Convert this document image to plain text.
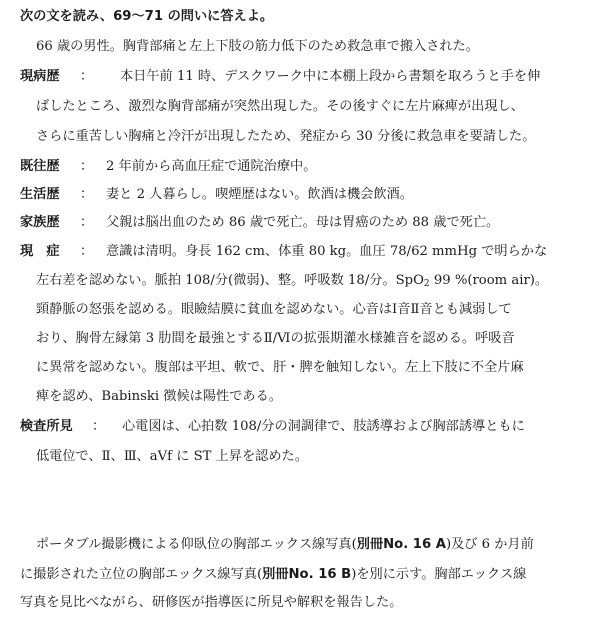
次の文を読み、69〜71 の問いに答えよ。
66 歳の男性。胸背部痛と左上下肢の筋力低下のため救急車で搬入された。
現病歴 ： 本日午前 11 時、デスクワーク中に本棚上段から書類を取ろうと手を伸
ばしたところ、激烈な胸背部痛が突然出現した。その後すぐに左片麻痺が出現し、
さらに重苦しい胸痛と冷汗が出現したため、発症から 30 分後に救急車を要請した。
既往歴 ： 2 年前から高血圧症で通院治療中。
生活歴 ： 妻と 2 人暮らし。喫煙歴はない。飲酒は機会飲酒。
家族歴 ： 父親は脳出血のため 86 歳で死亡。母は胃癌のため 88 歳で死亡。
現　症 ： 意識は清明。身長 162 cm、体重 80 kg。血圧 78/62 mmHg で明らかな
左右差を認めない。脈拍 108/分(微弱)、整。呼吸数 18/分。SpO$_2$ 99 %(room air)。
頸静脈の怒張を認める。眼瞼結膜に貧血を認めない。心音はⅠ音Ⅱ音とも減弱して
おり、胸骨左縁第 3 肋間を最強とするⅡ/Ⅵの拡張期灌水様雑音を認める。呼吸音
に異常を認めない。腹部は平坦、軟で、肝・脾を触知しない。左上下肢に不全片麻
痺を認め、Babinski 徴候は陽性である。
検査所見 ： 心電図は、心拍数 108/分の洞調律で、肢誘導および胸部誘導ともに
低電位で、Ⅱ、Ⅲ、aVf に ST 上昇を認めた。
ポータブル撮影機による仰臥位の胸部エックス線写真(別冊No. 16 A)及び 6 か月前
に撮影された立位の胸部エックス線写真(別冊No. 16 B)を別に示す。胸部エックス線
写真を見比べながら、研修医が指導医に所見や解釈を報告した。
